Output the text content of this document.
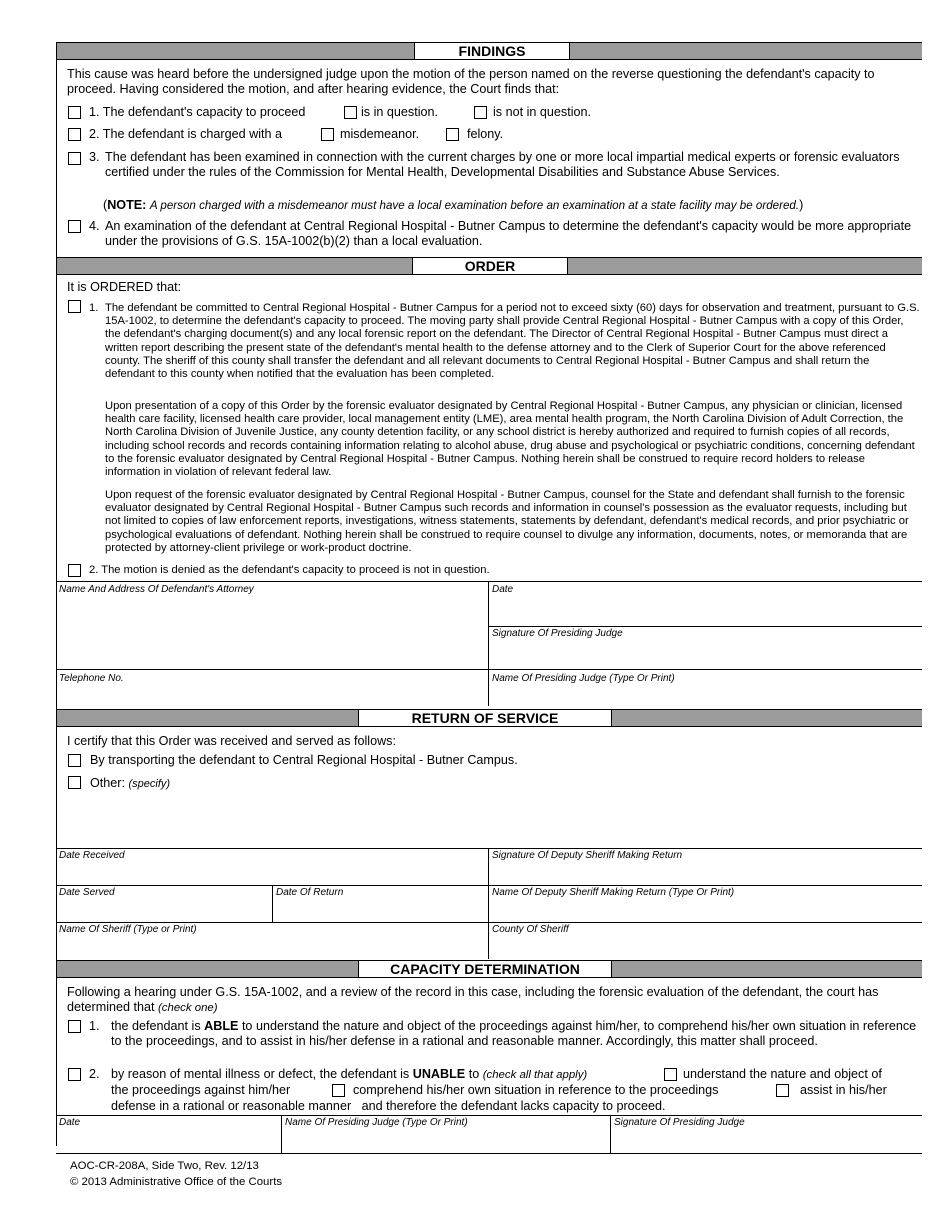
FINDINGS
This cause was heard before the undersigned judge upon the motion of the person named on the reverse questioning the defendant's capacity to proceed. Having considered the motion, and after hearing evidence, the Court finds that:
1. The defendant's capacity to proceed	is in question.	is not in question.
2. The defendant is charged with a	misdemeanor.	felony.
3. The defendant has been examined in connection with the current charges by one or more local impartial medical experts or forensic evaluators certified under the rules of the Commission for Mental Health, Developmental Disabilities and Substance Abuse Services.
(NOTE: A person charged with a misdemeanor must have a local examination before an examination at a state facility may be ordered.)
4. An examination of the defendant at Central Regional Hospital - Butner Campus to determine the defendant's capacity would be more appropriate under the provisions of G.S. 15A-1002(b)(2) than a local evaluation.
ORDER
It is ORDERED that:
1. The defendant be committed to Central Regional Hospital - Butner Campus for a period not to exceed sixty (60) days for observation and treatment, pursuant to G.S. 15A-1002, to determine the defendant's capacity to proceed. The moving party shall provide Central Regional Hospital - Butner Campus with a copy of this Order, the defendant's charging document(s) and any local forensic report on the defendant. The Director of Central Regional Hospital - Butner Campus must direct a written report describing the present state of the defendant's mental health to the defense attorney and to the Clerk of Superior Court for the above referenced county. The sheriff of this county shall transfer the defendant and all relevant documents to Central Regional Hospital - Butner Campus and shall return the defendant to this county when notified that the evaluation has been completed.
Upon presentation of a copy of this Order by the forensic evaluator designated by Central Regional Hospital - Butner Campus, any physician or clinician, licensed health care facility, licensed health care provider, local management entity (LME), area mental health program, the North Carolina Division of Adult Correction, the North Carolina Division of Juvenile Justice, any county detention facility, or any school district is hereby authorized and required to furnish copies of all records, including school records and records containing information relating to alcohol abuse, drug abuse and psychological or psychiatric conditions, concerning defendant to the forensic evaluator designated by Central Regional Hospital - Butner Campus. Nothing herein shall be construed to require record holders to release information in violation of relevant federal law.
Upon request of the forensic evaluator designated by Central Regional Hospital - Butner Campus, counsel for the State and defendant shall furnish to the forensic evaluator designated by Central Regional Hospital - Butner Campus such records and information in counsel's possession as the evaluator requests, including but not limited to copies of law enforcement reports, investigations, witness statements, statements by defendant, defendant's medical records, and prior psychiatric or psychological evaluations of defendant. Nothing herein shall be construed to require counsel to divulge any information, documents, notes, or memoranda that are protected by attorney-client privilege or work-product doctrine.
2. The motion is denied as the defendant's capacity to proceed is not in question.
Name And Address Of Defendant's Attorney	Date
Signature Of Presiding Judge
Telephone No.	Name Of Presiding Judge (Type Or Print)
RETURN OF SERVICE
I certify that this Order was received and served as follows:
By transporting the defendant to Central Regional Hospital - Butner Campus.
Other: (specify)
Date Received	Signature Of Deputy Sheriff Making Return
Date Served	Date Of Return	Name Of Deputy Sheriff Making Return (Type Or Print)
Name Of Sheriff (Type or Print)	County Of Sheriff
CAPACITY DETERMINATION
Following a hearing under G.S. 15A-1002, and a review of the record in this case, including the forensic evaluation of the defendant, the court has determined that (check one)
1. the defendant is ABLE to understand the nature and object of the proceedings against him/her, to comprehend his/her own situation in reference to the proceedings, and to assist in his/her defense in a rational and reasonable manner. Accordingly, this matter shall proceed.
2. by reason of mental illness or defect, the defendant is UNABLE to (check all that apply)	understand the nature and object of
the proceedings against him/her	comprehend his/her own situation in reference to the proceedings	assist in his/her
defense in a rational or reasonable manner   and therefore the defendant lacks capacity to proceed.
Date	Name Of Presiding Judge (Type Or Print)	Signature Of Presiding Judge
AOC-CR-208A, Side Two, Rev. 12/13
© 2013 Administrative Office of the Courts
